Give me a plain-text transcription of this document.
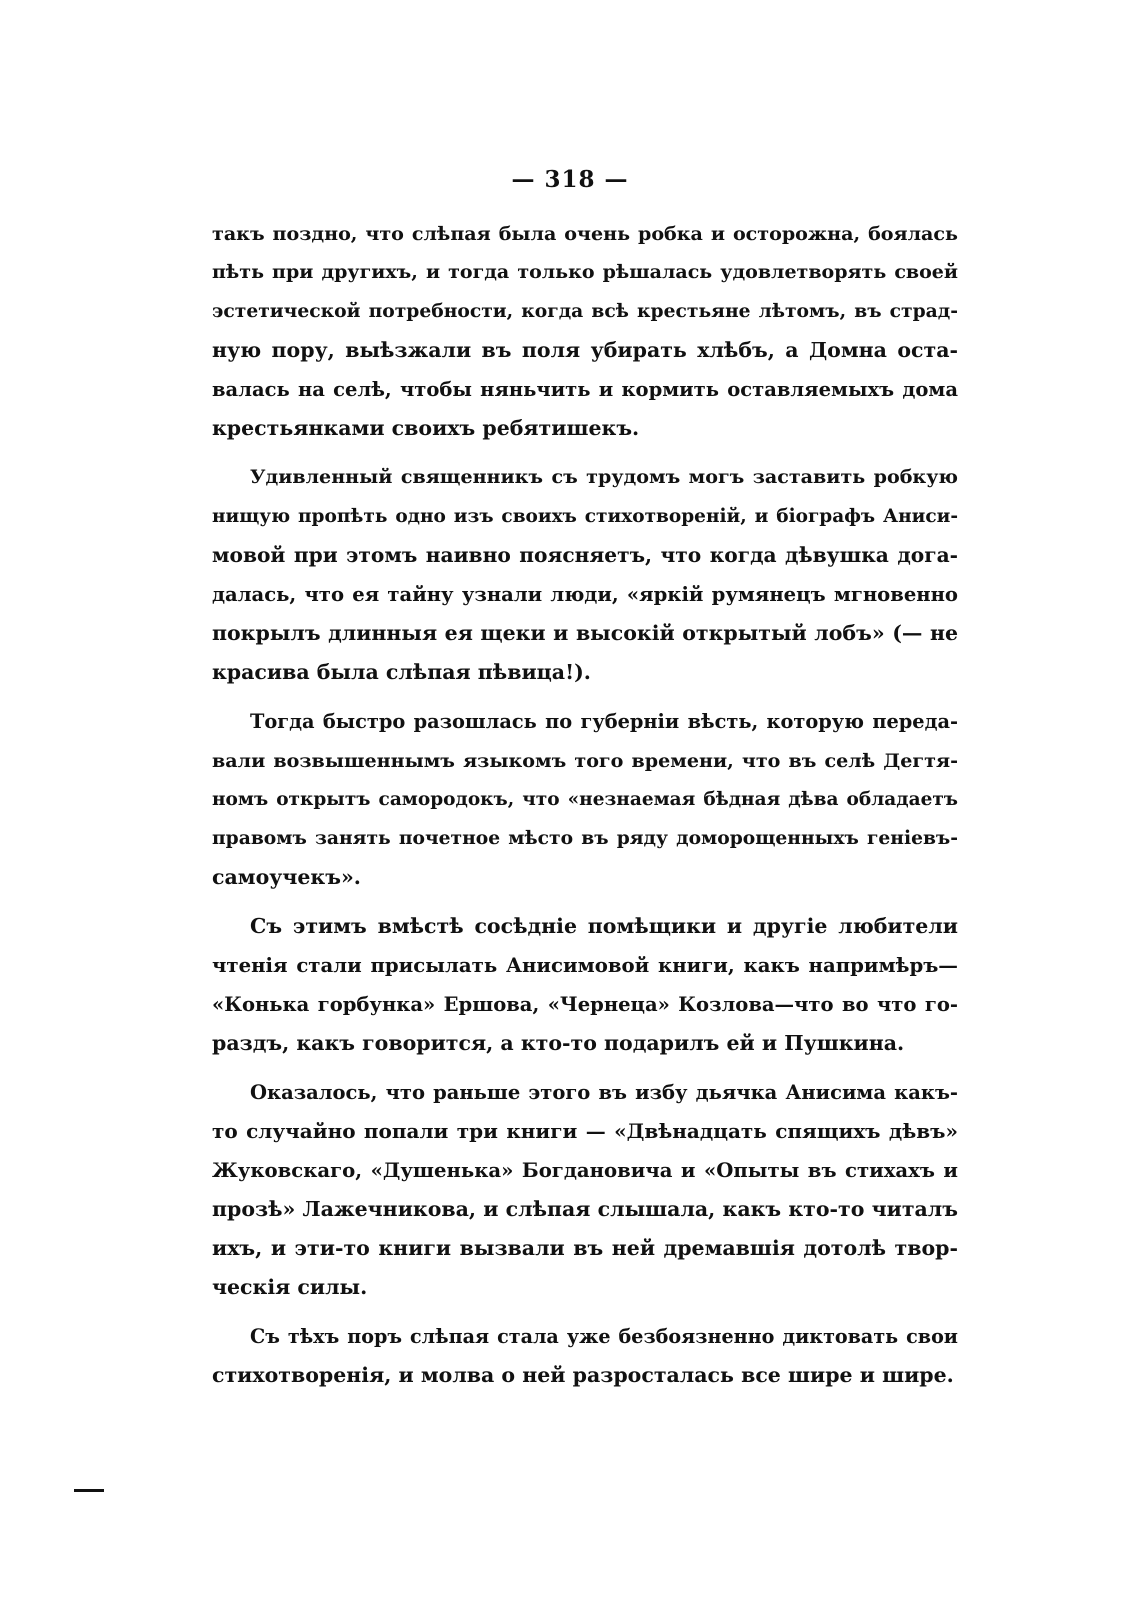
— 318 —

такъ поздно, что слѣпая была очень робка и осторожна, боялась
пѣть при другихъ, и тогда только рѣшалась удовлетворять своей
эстетической потребности, когда всѣ крестьяне лѣтомъ, въ страд-
ную пору, выѣзжали въ поля убирать хлѣбъ, а Домна оста-
валась на селѣ, чтобы няньчить и кормить оставляемыхъ дома
крестьянками своихъ ребятишекъ.

Удивленный священникъ съ трудомъ могъ заставить робкую
нищую пропѣть одно изъ своихъ стихотвореній, и біографъ Аниси-
мовой при этомъ наивно поясняетъ, что когда дѣвушка дога-
далась, что ея тайну узнали люди, «яркій румянецъ мгновенно
покрылъ длинныя ея щеки и высокій открытый лобъ» (— не
красива была слѣпая пѣвица!).

Тогда быстро разошлась по губерніи вѣсть, которую переда-
вали возвышеннымъ языкомъ того времени, что въ селѣ Дегтя-
номъ открытъ самородокъ, что «незнаемая бѣдная дѣва обладаетъ
правомъ занять почетное мѣсто въ ряду доморощенныхъ геніевъ-
самоучекъ».

Съ этимъ вмѣстѣ сосѣдніе помѣщики и другіе любители
чтенія стали присылать Анисимовой книги, какъ напримѣръ—
«Конька горбунка» Ершова, «Чернеца» Козлова—что во что го-
раздъ, какъ говорится, а кто-то подарилъ ей и Пушкина.

Оказалось, что раньше этого въ избу дьячка Анисима какъ-
то случайно попали три книги — «Двѣнадцать спящихъ дѣвъ»
Жуковскаго, «Душенька» Богдановича и «Опыты въ стихахъ и
прозѣ» Лажечникова, и слѣпая слышала, какъ кто-то читалъ
ихъ, и эти-то книги вызвали въ ней дремавшія дотолѣ твор-
ческія силы.

Съ тѣхъ поръ слѣпая стала уже безбоязненно диктовать свои
стихотворенія, и молва о ней разросталась все шире и шире.
